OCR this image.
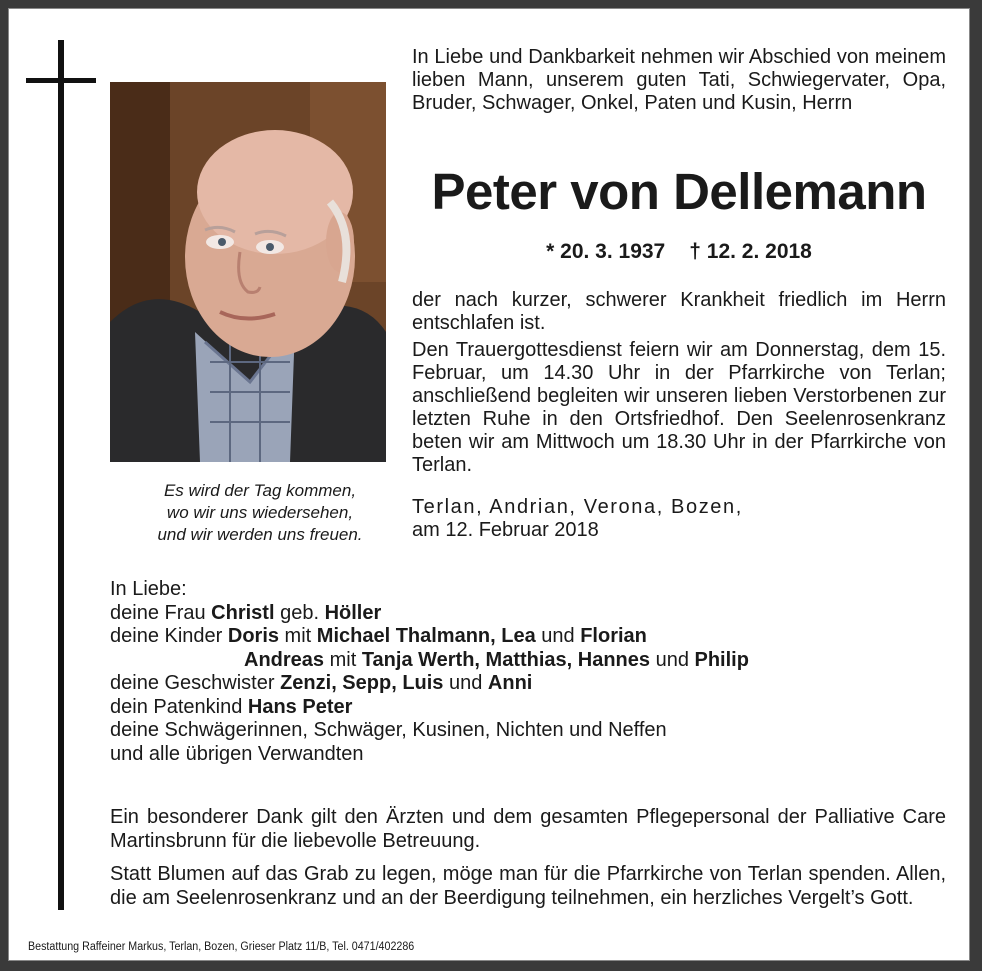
Es wird der Tag kommen,
wo wir uns wiedersehen,
und wir werden uns freuen.
In Liebe und Dankbarkeit nehmen wir Abschied von meinem lieben Mann, unserem guten Tati, Schwiegervater, Opa, Bruder, Schwager, Onkel, Paten und Kusin, Herrn
Peter von Dellemann
* 20. 3. 1937 † 12. 2. 2018

der nach kurzer, schwerer Krankheit friedlich im Herrn entschlafen ist.

Den Trauergottesdienst feiern wir am Donnerstag, dem 15. Februar, um 14.30 Uhr in der Pfarrkirche von Terlan; anschließend begleiten wir unseren lieben Verstorbenen zur letzten Ruhe in den Ortsfriedhof. Den Seelenrosenkranz beten wir am Mittwoch um 18.30 Uhr in der Pfarrkirche von Terlan.

Terlan, Andrian, Verona, Bozen,
am 12. Februar 2018
In Liebe:
deine Frau Christl geb. Höller
deine Kinder Doris mit Michael Thalmann, Lea und Florian
Andreas mit Tanja Werth, Matthias, Hannes und Philip
deine Geschwister Zenzi, Sepp, Luis und Anni
dein Patenkind Hans Peter
deine Schwägerinnen, Schwäger, Kusinen, Nichten und Neffen
und alle übrigen Verwandten

Ein besonderer Dank gilt den Ärzten und dem gesamten Pflegepersonal der Palliative Care Martinsbrunn für die liebevolle Betreuung.

Statt Blumen auf das Grab zu legen, möge man für die Pfarrkirche von Terlan spenden. Allen, die am Seelenrosenkranz und an der Beerdigung teilnehmen, ein herzliches Vergelt’s Gott.

Bestattung Raffeiner Markus, Terlan, Bozen, Grieser Platz 11/B, Tel. 0471/402286
